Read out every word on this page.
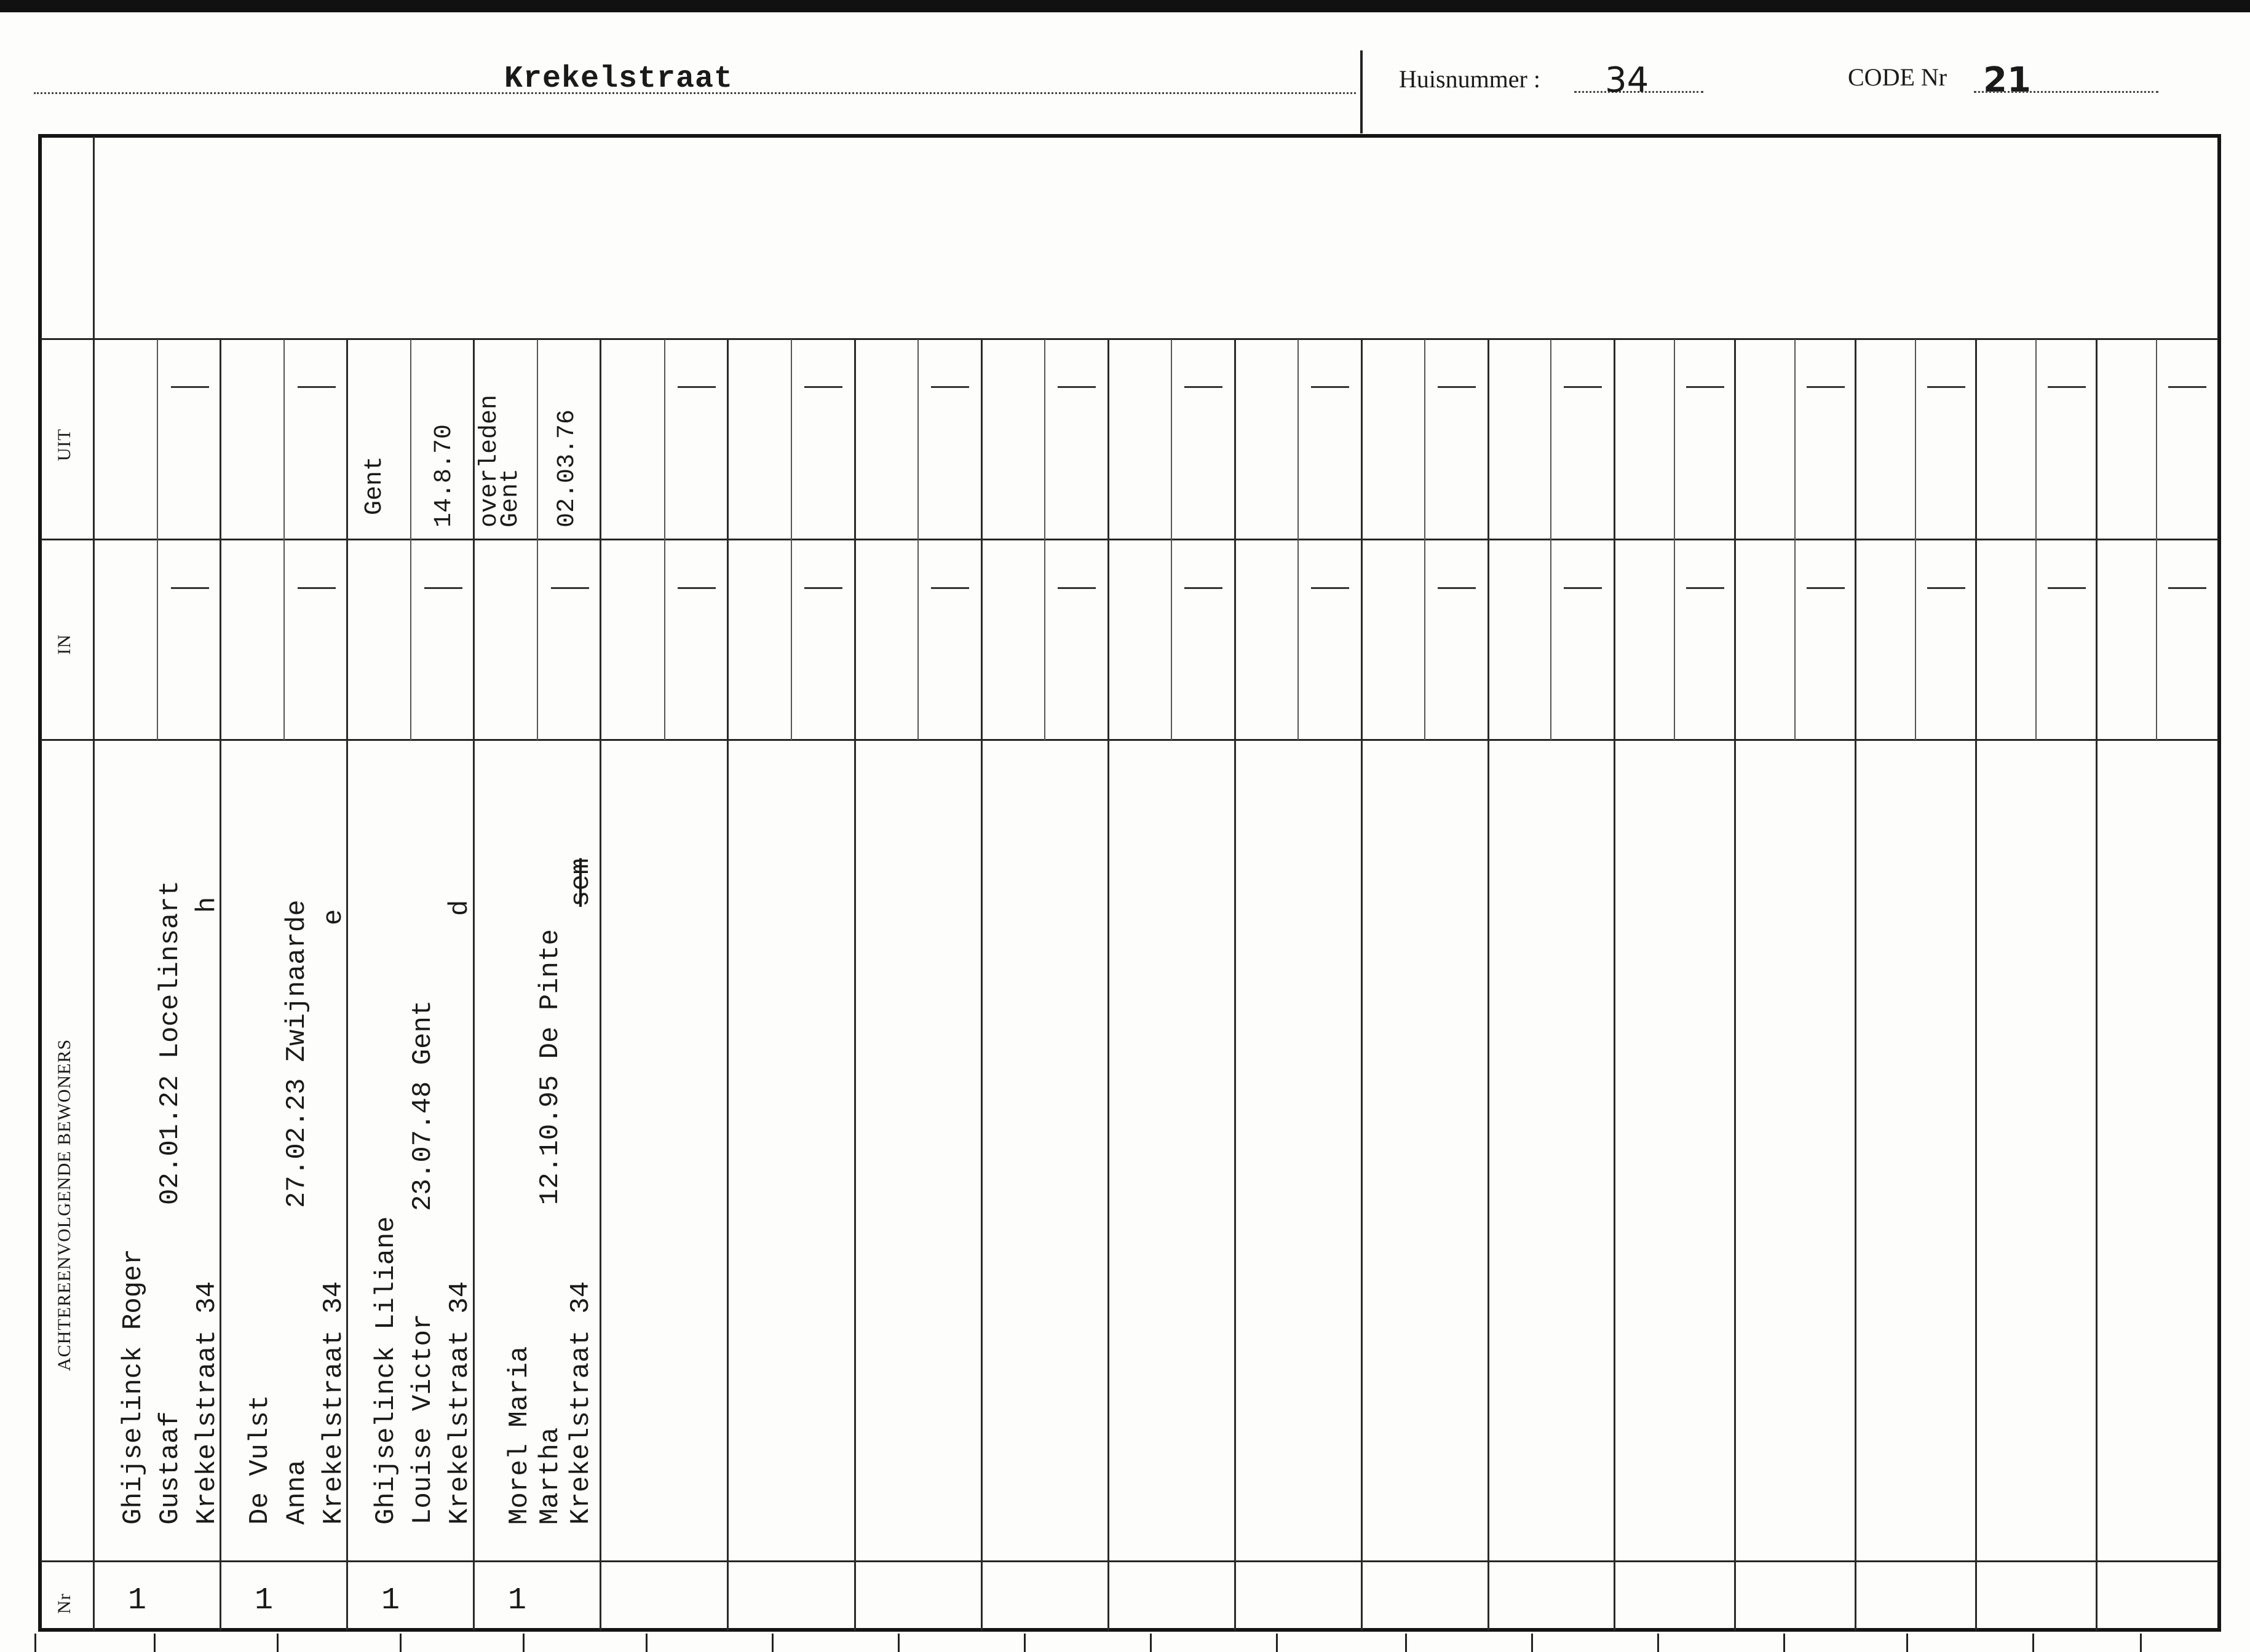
Krekelstraat	Huisnummer : 34	CODE Nr 21
UIT
IN
ACHTEREENVOLGENDE BEWONERS
Nr
Gent 14.8.70 overleden Gent 02.03.76
Ghijselinck Roger Gustaaf Krekelstraat 34
02.01.22 Locelinsart h
1
De Vulst Anna Krekelstraat 34
27.02.23 Zwijnaarde e
1
Ghijselinck Liliane Louise Victor Krekelstraat 34
23.07.48 Gent
d
1
Morel Maria Martha Krekelstraat 34
12.10.95 De Pinte
sem
1
